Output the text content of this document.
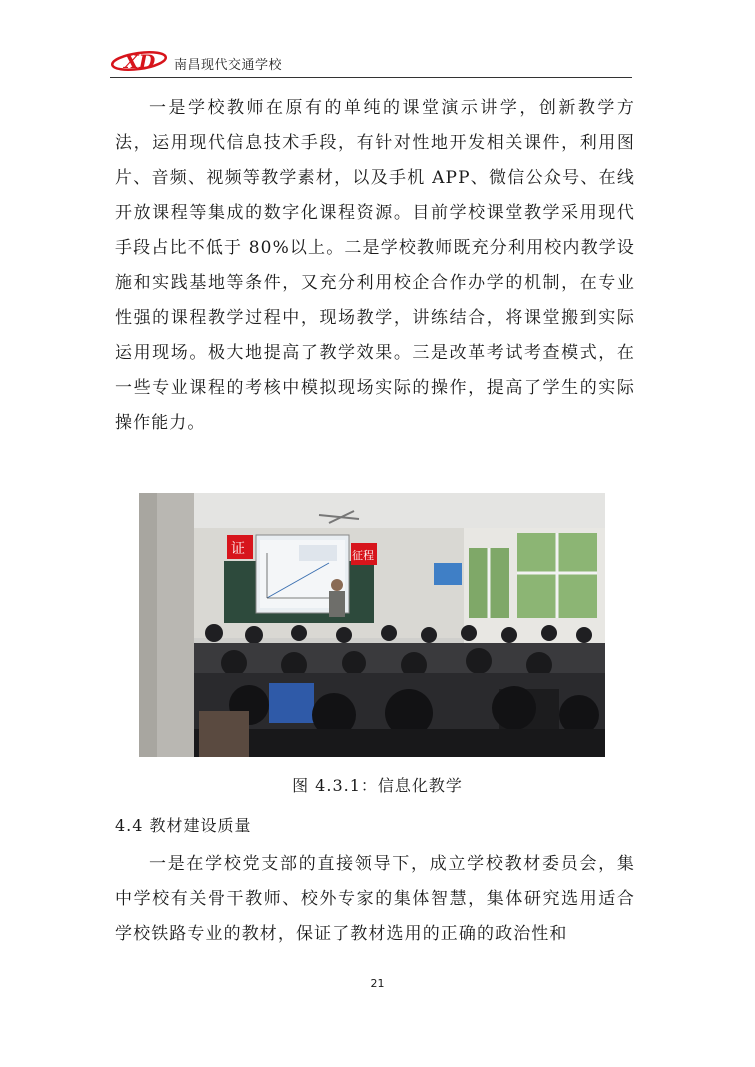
XD 南昌现代交通学校

一是学校教师在原有的单纯的课堂演示讲学，创新教学方法，运用现代信息技术手段，有针对性地开发相关课件，利用图片、音频、视频等教学素材，以及手机 APP、微信公众号、在线开放课程等集成的数字化课程资源。目前学校课堂教学采用现代手段占比不低于 80%以上。二是学校教师既充分利用校内教学设施和实践基地等条件，又充分利用校企合作办学的机制，在专业性强的课程教学过程中，现场教学，讲练结合，将课堂搬到实际运用现场。极大地提高了教学效果。三是改革考试考查模式，在一些专业课程的考核中模拟现场实际的操作，提高了学生的实际操作能力。

证	征程
图 4.3.1：信息化教学
4.4 教材建设质量

一是在学校党支部的直接领导下，成立学校教材委员会，集中学校有关骨干教师、校外专家的集体智慧，集体研究选用适合学校铁路专业的教材，保证了教材选用的正确的政治性和

21
